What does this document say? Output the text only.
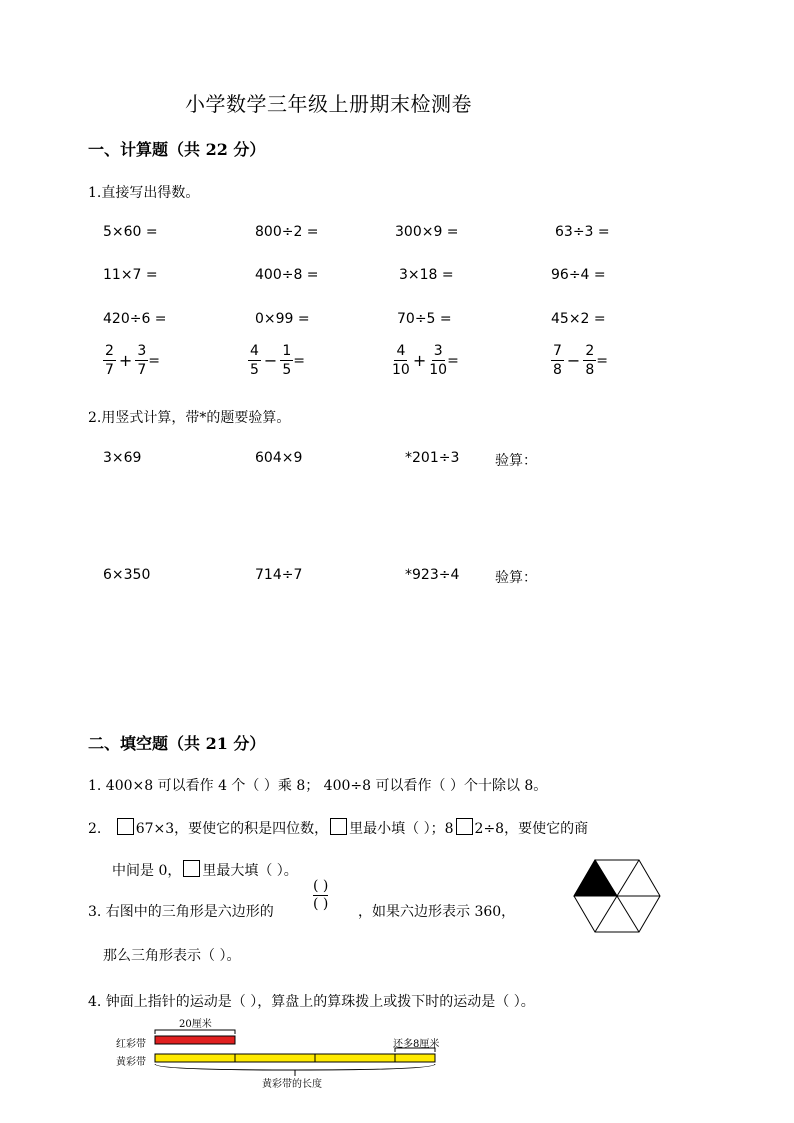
小学数学三年级上册期末检测卷
一、计算题（共 22 分）
1.直接写出得数。
5×60 =	800÷2 =	300×9 =	63÷3 =
11×7 =	400÷8 =	3×18 =	96÷4 =
420÷6 =	0×99 =	70÷5 =	45×2 =
$\frac{2}{7} + \frac{3}{7}$ =	$\frac{4}{5} - \frac{1}{5}$ =	$\frac{4}{10} + \frac{3}{10}$ =	$\frac{7}{8} - \frac{2}{8}$ =
2.用竖式计算，带*的题要验算。
3×69	604×9	*201÷3	验算：
6×350	714÷7	*923÷4	验算：
二、填空题（共 21 分）
1. 400×8 可以看作 4 个（ ）乘 8； 400÷8 可以看作（ ）个十除以 8。
2. 67×3，要使它的积是四位数， 里最小填（ ）；8 2÷8，要使它的商
中间是 0， 里最大填（ ）。
3. 右图中的三角形是六边形的
( )
( ) ，如果六边形表示 360，
那么三角形表示（ ）。
4. 钟面上指针的运动是（ ），算盘上的算珠拨上或拨下时的运动是（ ）。
红彩带
黄彩带
20厘米
还多8厘米
黄彩带的长度
